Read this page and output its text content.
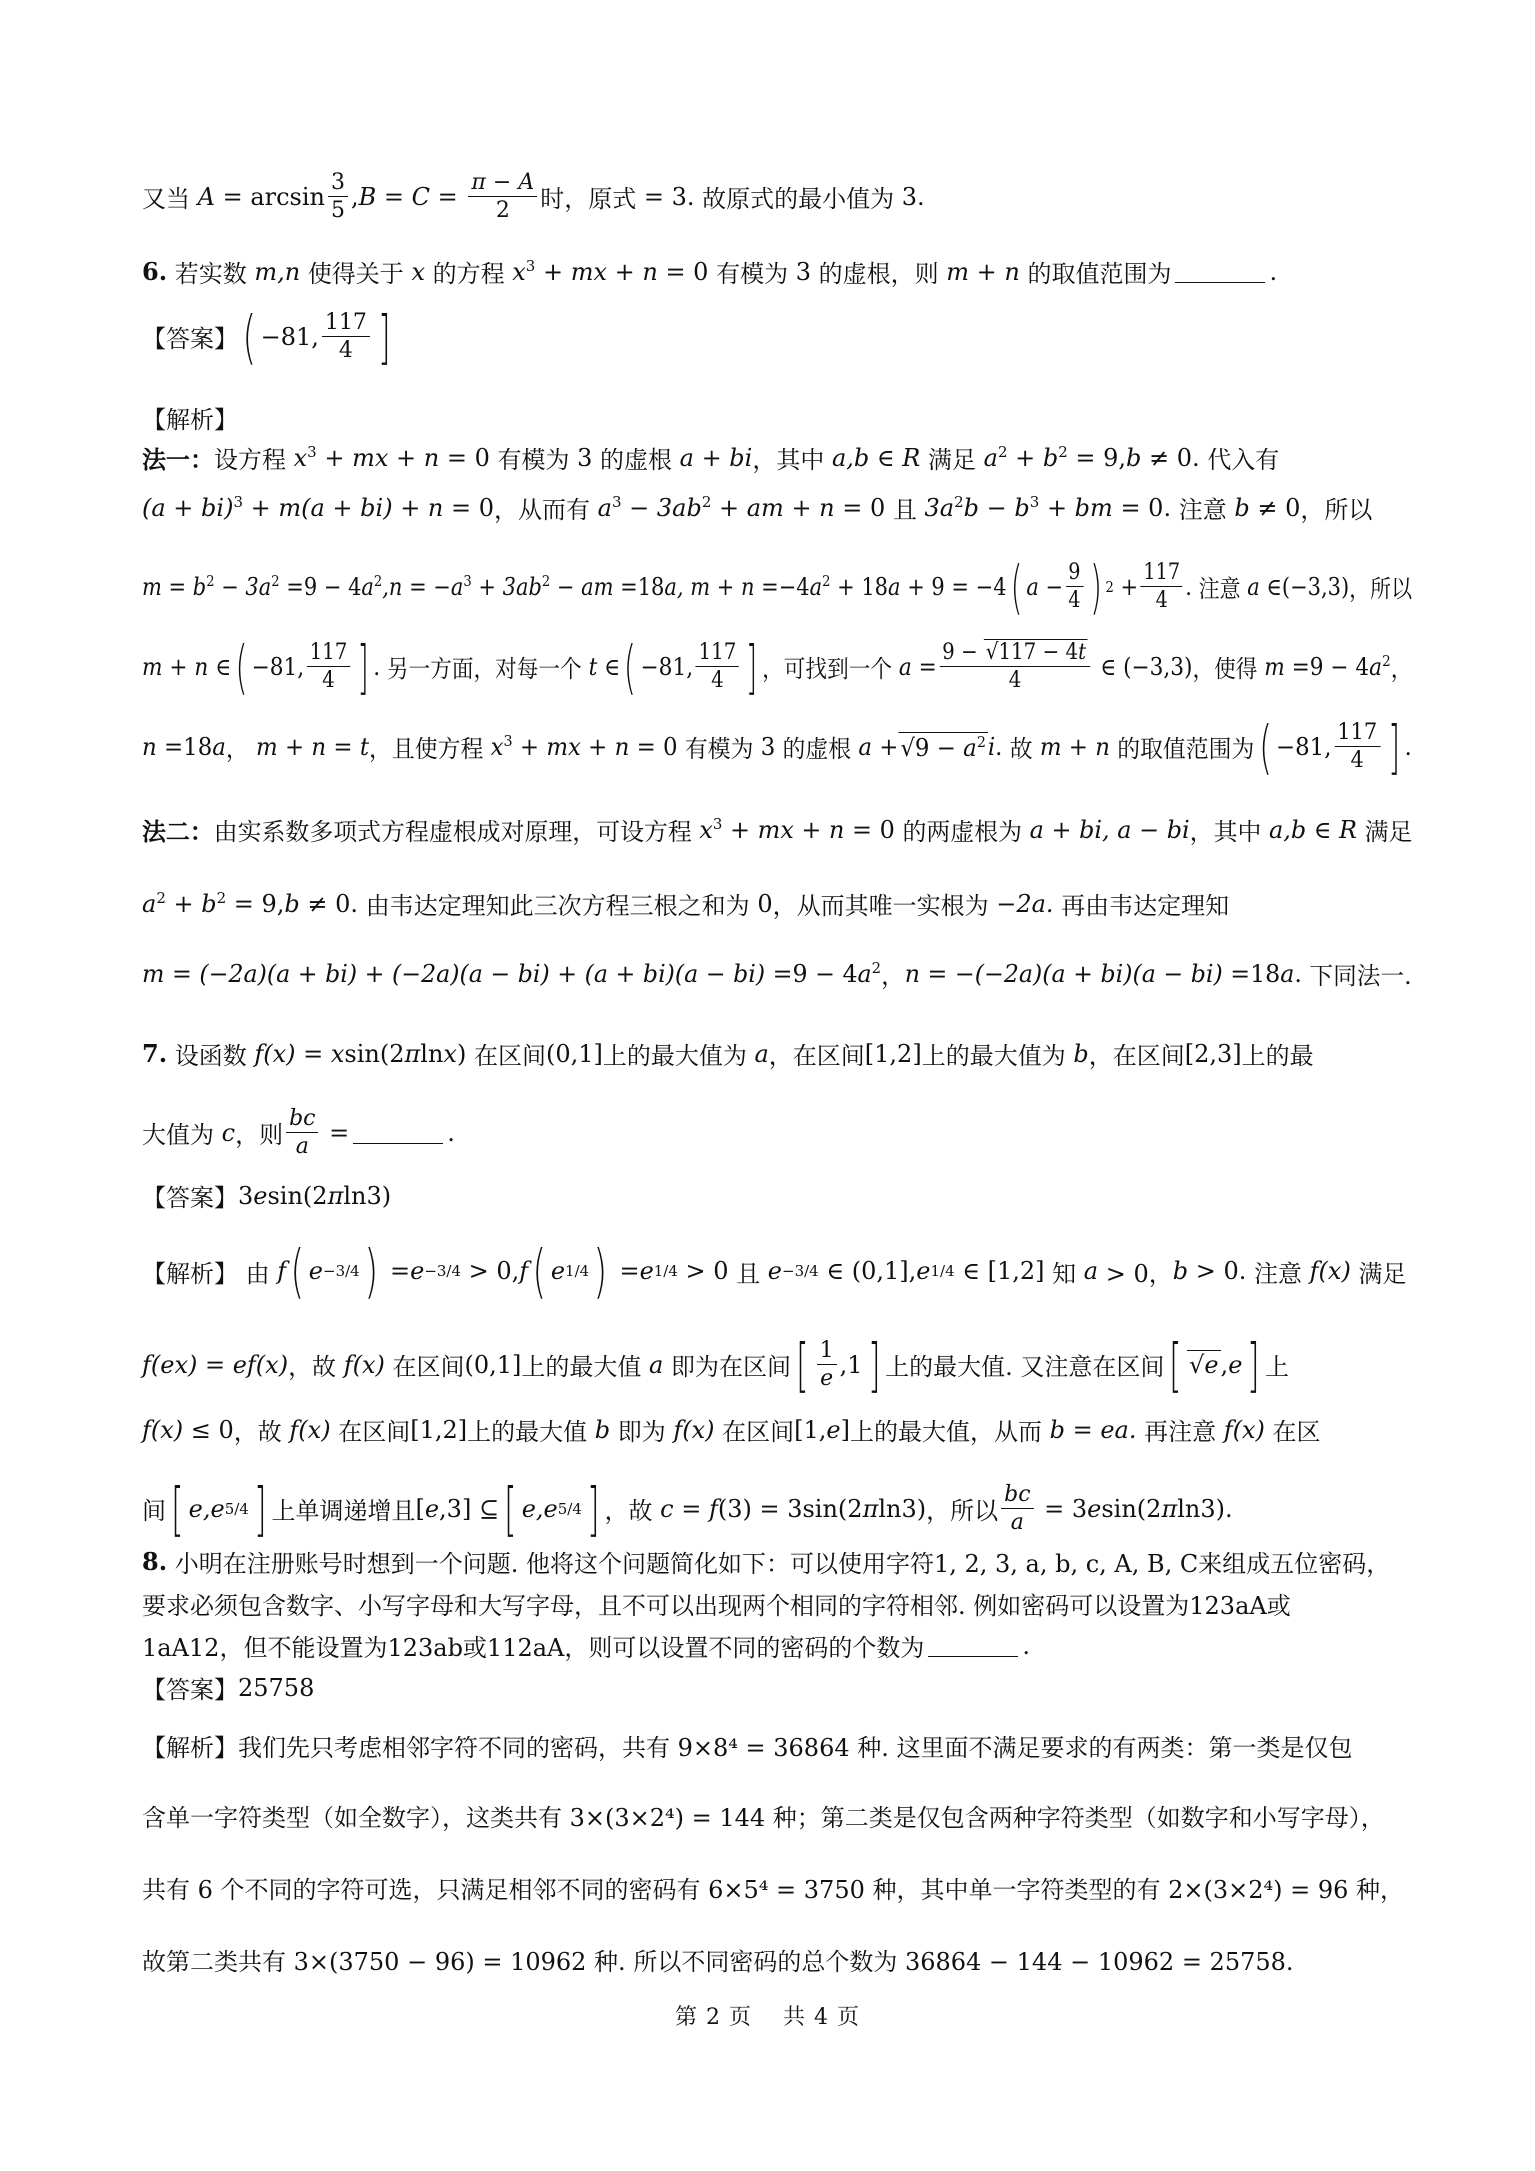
又当 $A = \arcsin \frac{3}{5}$ , $B = C = \frac{\pi - A}{2}$ 时，原式 = 3. 故原式的最小值为 3.
6.
若实数 m,n 使得关于 x 的方程 $x^3$ + mx + n = 0 有模为 3 的虚根，则 m + n 的取值范围为	.
【答案】 ( −81, $\frac{117}{4}$ ]
【解析】
法一： 设方程 $x^3$ + mx + n = 0 有模为 3 的虚根 a + bi ，其中 a,b ∈ R 满足 $a^2 + b^2 = 9$, b ≠ 0. 代入有
(a + bi)$^3$ + m(a + bi) + n = 0 ，从而有 $a^3 - 3ab^2$ + am + n = 0 且 $3a^2b - b^3$ + bm = 0. 注意 b ≠ 0 ，所以
$m = b^2 - 3a^2 = 9 - 4$ $a^2,n = -a^3 + 3ab^2$ − am = 18 a, m + n = −4 $a^2 + 18$ a + 9 = −4 ( $a - \frac{9}{4}$ ) $2 + \frac{117}{4}$ . 注意 a ∈ (−3,3) ，所以
m + n ∈ ( −81, $\frac{117}{4}$ ] . 另一方面，对每一个 t ∈ ( −81, $\frac{117}{4}$ ] ，可找到一个 $a = \frac{9 - √117 - 4t}{4}$ ∈ (−3,3) ，使得 m = 9 − 4 $a^2$ ，
n = 18 a ， m + n = t ， 且使方程 $x^3$ + mx + n = 0 有模为 3 的虚根 $a + √9 - a^2$ i . 故 m + n 的取值范围为 ( −81, $\frac{117}{4}$ ] .
法二： 由实系数多项式方程虚根成对原理，可设方程 $x^3$ + mx + n = 0 的两虚根为 a + bi, a − bi ，其中 a,b ∈ R 满足
$a^2 + b^2 = 9$, b ≠ 0. 由韦达定理知此三次方程三根之和为 0 ，从而其唯一实根为 −2a. 再由韦达定理知
m = (−2a)(a + bi) + (−2a)(a − bi) + (a + bi)(a − bi) = 9 − 4 $a^2$ ， n = −(−2a)(a + bi)(a − bi) = 18 a . 下同法一.
7.
设函数 f(x) = x sin(2 π ln x ) 在区间 (0,1] 上的最大值为 a ，在区间 [1,2] 上的最大值为 b ，在区间 [2,3] 上的最
大值为 c ，则 $\frac{bc}{a}$ =	.
【答案】 3 e sin(2 π ln3)
【解析】
由 f ( e −3/4 ) = e −3/4 > 0, f ( e 1/4 ) = e 1/4 > 0 且 e −3/4 ∈ (0,1], e 1/4 ∈ [1,2] 知 a > 0， b > 0. 注意 f(x) 满足
f(ex) = ef(x) ，故 f(x) 在区间 (0,1] 上的最大值 a 即为在区间 [ $\frac{1}{e} ,1$ ] 上的最大值. 又注意在区间 [ √e , e ] 上
f(x) ≤ 0 ，故 f(x) 在区间 [1,2] 上的最大值 b 即为 f(x) 在区间 [1, e ] 上的最大值，从而 b = ea. 再注意 f(x) 在区
间 [ e,e 5/4 ] 上单调递增且 [ e ,3] ⊆ [ e,e 5/4 ] ，故 c = f (3) = 3sin(2 π ln3) ，所以 $\frac{bc}{a} = 3$ e sin(2 π ln3).
8.
小明在注册账号时想到一个问题. 他将这个问题简化如下：可以使用字符1, 2, 3, a, b, c, A, B, C来组成五位密码，
要求必须包含数字、小写字母和大写字母，且不可以出现两个相同的字符相邻. 例如密码可以设置为123aA或
1aA12，但不能设置为123ab或112aA，则可以设置不同的密码的个数为	.
【答案】 25758
【解析】 我们先只考虑相邻字符不同的密码，共有 9×8⁴ = 36864 种. 这里面不满足要求的有两类：第一类是仅包
含单一字符类型（如全数字），这类共有 3×(3×2⁴) = 144 种；第二类是仅包含两种字符类型（如数字和小写字母），
共有 6 个不同的字符可选，只满足相邻不同的密码有 6×5⁴ = 3750 种，其中单一字符类型的有 2×(3×2⁴) = 96 种，
故第二类共有 3×(3750 − 96) = 10962 种. 所以不同密码的总个数为 36864 − 144 − 10962 = 25758.
第 2 页　 共 4 页
